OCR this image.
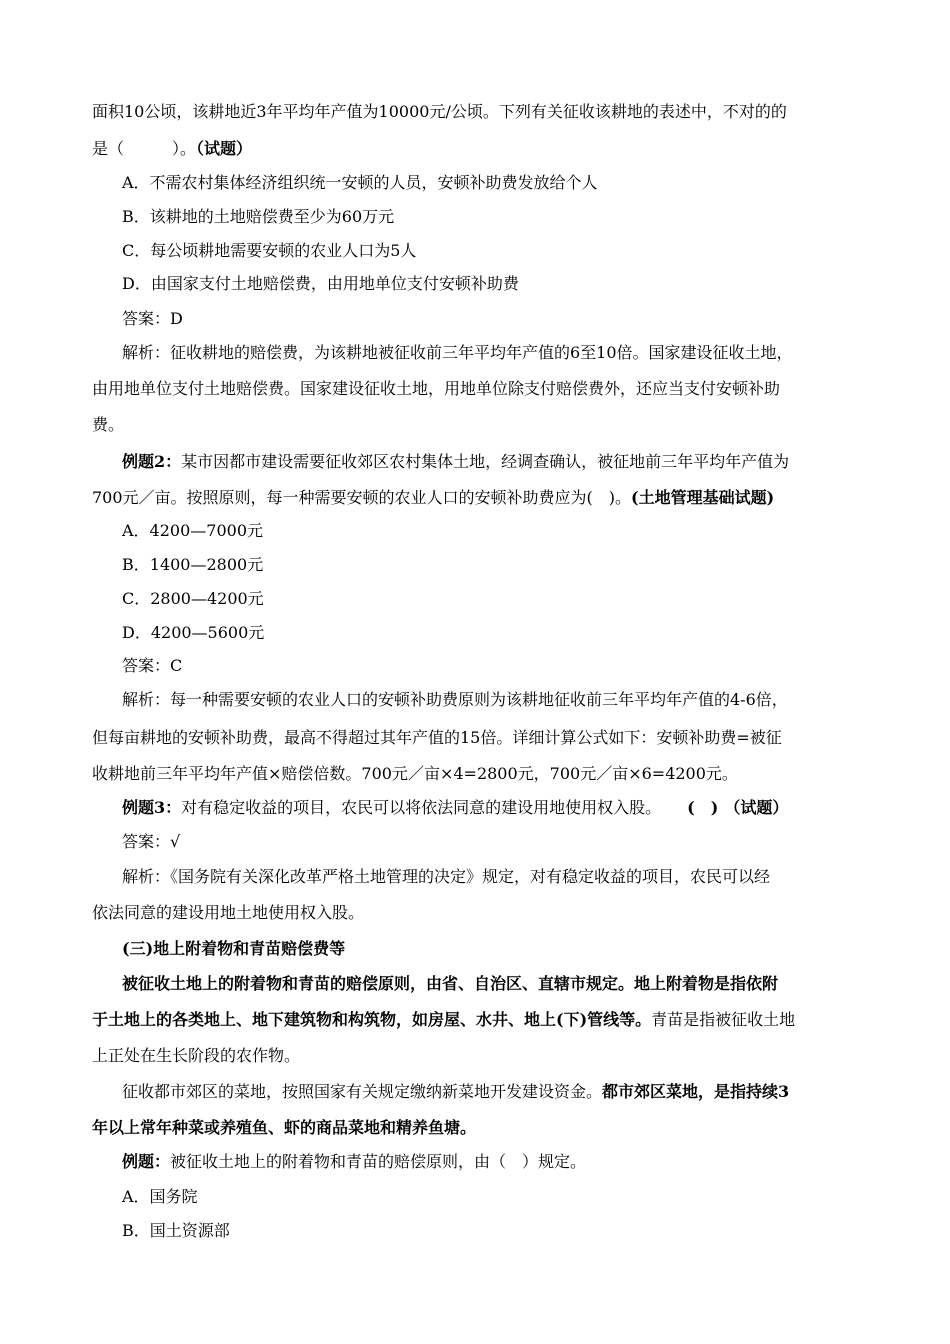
面积10公顷，该耕地近3年平均年产值为10000元/公顷。下列有关征收该耕地的表述中，不对的的
是（　　　）。（试题）
A．不需农村集体经济组织统一安顿的人员，安顿补助费发放给个人
B．该耕地的土地赔偿费至少为60万元
C．每公顷耕地需要安顿的农业人口为5人
D．由国家支付土地赔偿费，由用地单位支付安顿补助费
答案：D
解析：征收耕地的赔偿费，为该耕地被征收前三年平均年产值的6至10倍。国家建设征收土地，
由用地单位支付土地赔偿费。国家建设征收土地，用地单位除支付赔偿费外，还应当支付安顿补助
费。
例题2：某市因都市建设需要征收郊区农村集体土地，经调查确认，被征地前三年平均年产值为
700元／亩。按照原则，每一种需要安顿的农业人口的安顿补助费应为(　)。(土地管理基础试题)
A．4200—7000元
B．1400—2800元
C．2800—4200元
D．4200—5600元
答案：C
解析：每一种需要安顿的农业人口的安顿补助费原则为该耕地征收前三年平均年产值的4-6倍，
但每亩耕地的安顿补助费，最高不得超过其年产值的15倍。详细计算公式如下：安顿补助费=被征
收耕地前三年平均年产值×赔偿倍数。700元／亩×4=2800元，700元／亩×6=4200元。
例题3：对有稳定收益的项目，农民可以将依法同意的建设用地使用权入股。 (　) （试题）
答案：√
解析：《国务院有关深化改革严格土地管理的决定》规定，对有稳定收益的项目，农民可以经
依法同意的建设用地土地使用权入股。
(三)地上附着物和青苗赔偿费等
被征收土地上的附着物和青苗的赔偿原则，由省、自治区、直辖市规定。地上附着物是指依附
于土地上的各类地上、地下建筑物和构筑物，如房屋、水井、地上(下)管线等。青苗是指被征收土地
上正处在生长阶段的农作物。
征收都市郊区的菜地，按照国家有关规定缴纳新菜地开发建设资金。都市郊区菜地，是指持续3
年以上常年种菜或养殖鱼、虾的商品菜地和精养鱼塘。
例题：被征收土地上的附着物和青苗的赔偿原则，由（　）规定。
A．国务院
B．国土资源部
